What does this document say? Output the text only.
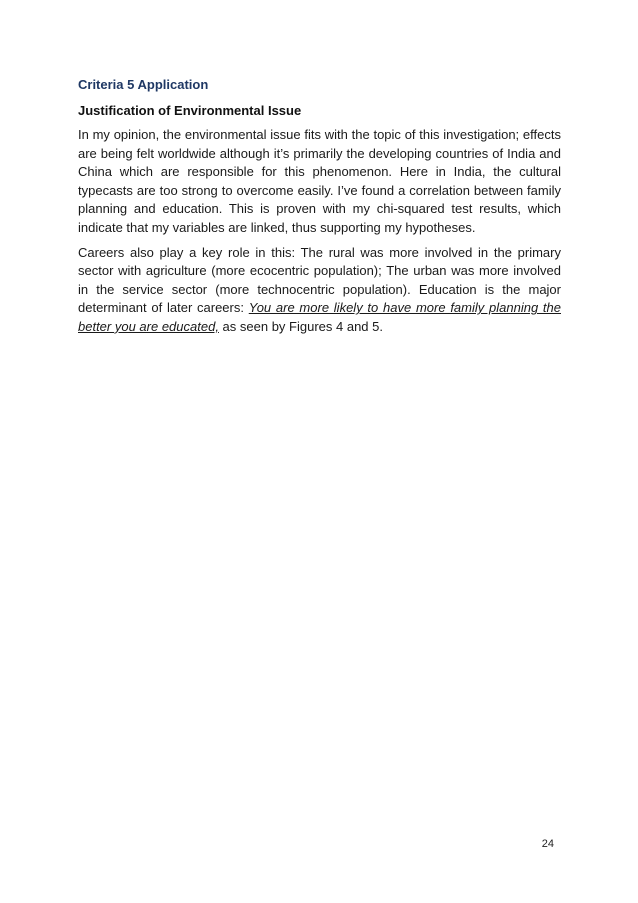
Criteria 5 Application
Justification of Environmental Issue

In my opinion, the environmental issue fits with the topic of this investigation; effects are being felt worldwide although it’s primarily the developing countries of India and China which are responsible for this phenomenon. Here in India, the cultural typecasts are too strong to overcome easily. I’ve found a correlation between family planning and education. This is proven with my chi-squared test results, which indicate that my variables are linked, thus supporting my hypotheses.

Careers also play a key role in this: The rural was more involved in the primary sector with agriculture (more ecocentric population); The urban was more involved in the service sector (more technocentric population). Education is the major determinant of later careers: You are more likely to have more family planning the better you are educated, as seen by Figures 4 and 5.

24
